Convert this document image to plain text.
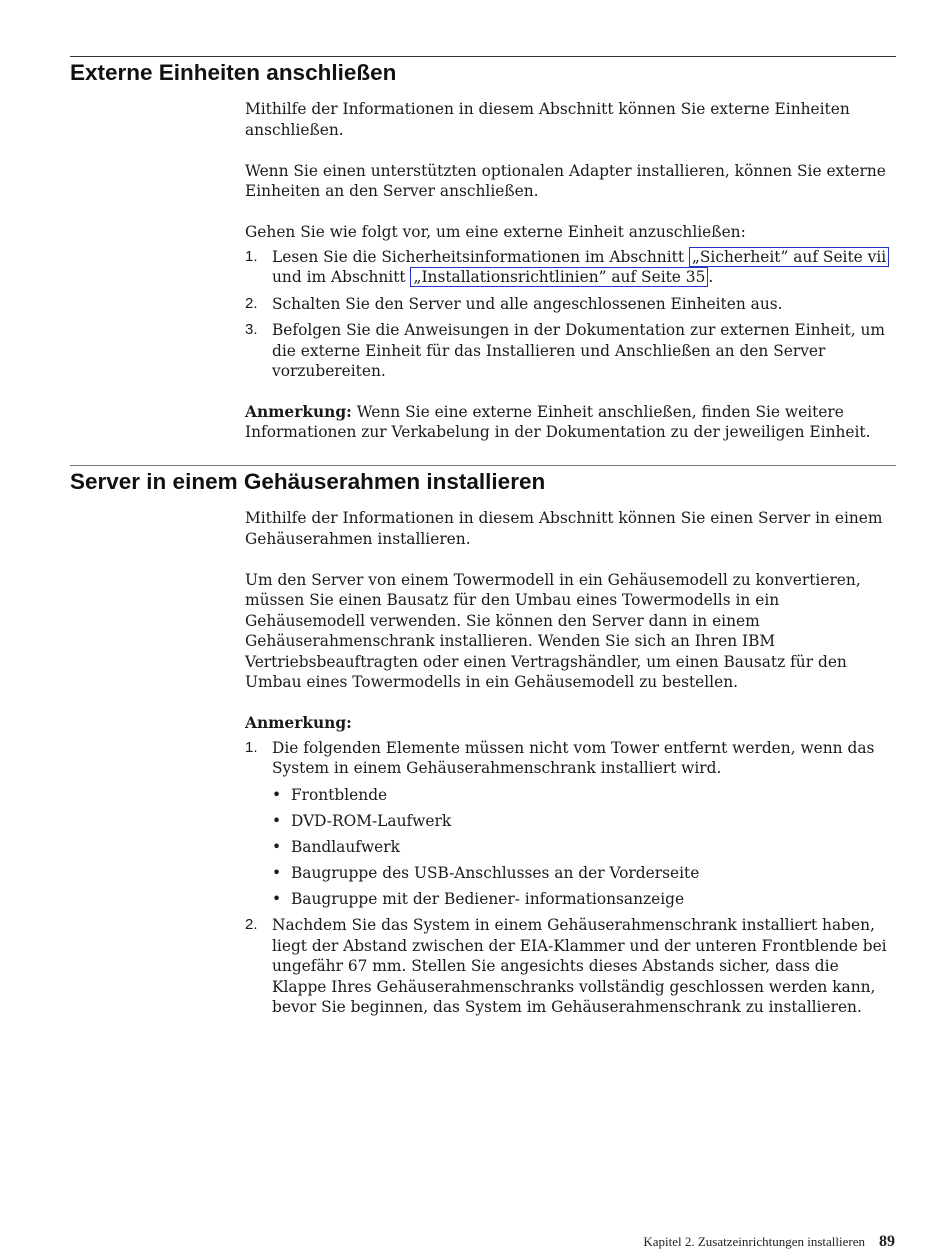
Externe Einheiten anschließen

Mithilfe der Informationen in diesem Abschnitt können Sie externe Einheiten anschließen.

Wenn Sie einen unterstützten optionalen Adapter installieren, können Sie externe Einheiten an den Server anschließen.

Gehen Sie wie folgt vor, um eine externe Einheit anzuschließen:

1. Lesen Sie die Sicherheitsinformationen im Abschnitt „Sicherheit” auf Seite vii und im Abschnitt „Installationsrichtlinien” auf Seite 35 .
2. Schalten Sie den Server und alle angeschlossenen Einheiten aus.
3. Befolgen Sie die Anweisungen in der Dokumentation zur externen Einheit, um die externe Einheit für das Installieren und Anschließen an den Server vorzubereiten.

Anmerkung: Wenn Sie eine externe Einheit anschließen, finden Sie weitere Informationen zur Verkabelung in der Dokumentation zu der jeweiligen Einheit.

Server in einem Gehäuserahmen installieren

Mithilfe der Informationen in diesem Abschnitt können Sie einen Server in einem Gehäuserahmen installieren.

Um den Server von einem Towermodell in ein Gehäusemodell zu konvertieren, müssen Sie einen Bausatz für den Umbau eines Towermodells in ein Gehäusemodell verwenden. Sie können den Server dann in einem Gehäuserahmenschrank installieren. Wenden Sie sich an Ihren IBM Vertriebsbeauftragten oder einen Vertragshändler, um einen Bausatz für den Umbau eines Towermodells in ein Gehäusemodell zu bestellen.

Anmerkung:

1. Die folgenden Elemente müssen nicht vom Tower entfernt werden, wenn das System in einem Gehäuserahmenschrank installiert wird.
• Frontblende
• DVD-ROM-Laufwerk
• Bandlaufwerk
• Baugruppe des USB-Anschlusses an der Vorderseite
• Baugruppe mit der Bediener- informationsanzeige
2. Nachdem Sie das System in einem Gehäuserahmenschrank installiert haben, liegt der Abstand zwischen der EIA-Klammer und der unteren Frontblende bei ungefähr 67 mm. Stellen Sie angesichts dieses Abstands sicher, dass die Klappe Ihres Gehäuserahmenschranks vollständig geschlossen werden kann, bevor Sie beginnen, das System im Gehäuserahmenschrank zu installieren.
Kapitel 2. Zusatzeinrichtungen installieren 89
